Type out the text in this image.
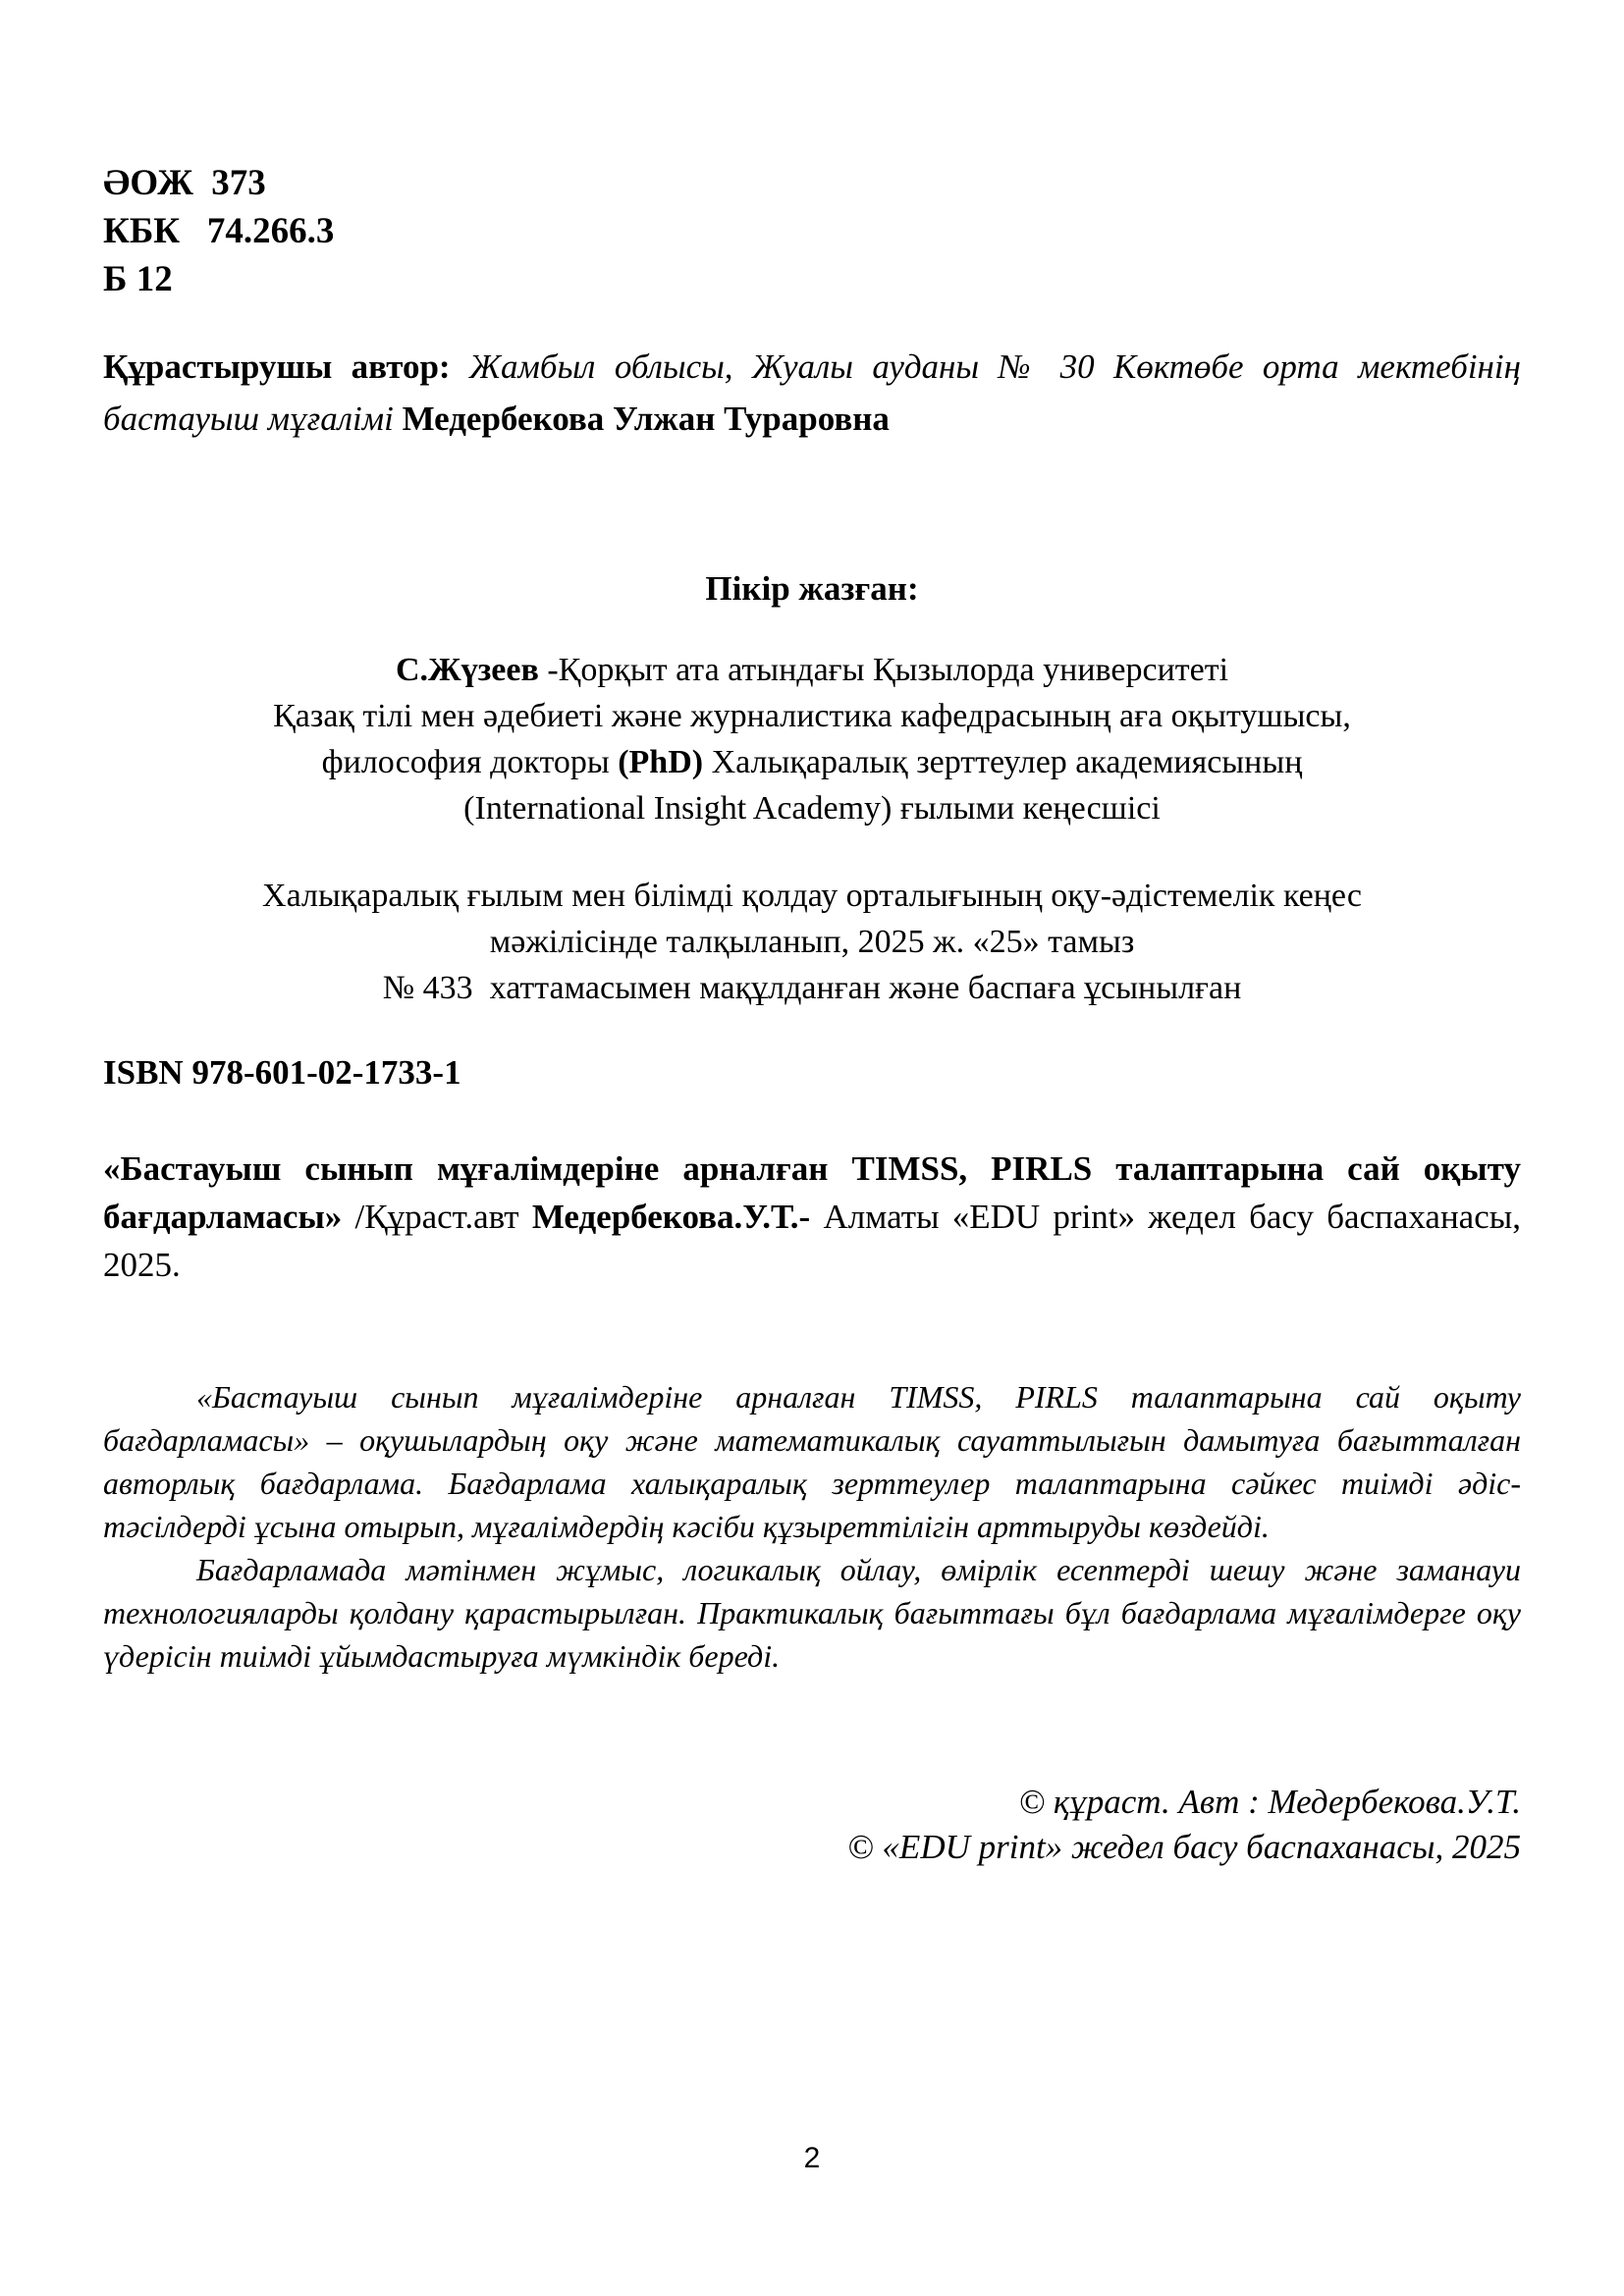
ӘОЖ  373
КБК   74.266.3
Б 12

Құрастырушы автор: Жамбыл облысы, Жуалы ауданы № 30 Көктөбе орта мектебінің бастауыш мұғалімі Медербекова Улжан Тураровна

Пікір жазған:
С.Жүзеев -Қорқыт ата атындағы Қызылорда университеті
Қазақ тілі мен әдебиеті және журналистика кафедрасының аға оқытушысы,
философия докторы (PhD) Халықаралық зерттеулер академиясының
(International Insight Academy) ғылыми кеңесшісі
Халықаралық ғылым мен білімді қолдау орталығының оқу-әдістемелік кеңес
мәжілісінде талқыланып, 2025 ж. «25» тамыз
№ 433  хаттамасымен мақұлданған және баспаға ұсынылған
ISBN 978-601-02-1733-1

«Бастауыш сынып мұғалімдеріне арналған TIMSS, PIRLS талаптарына сай оқыту бағдарламасы» /Құраст.авт Медербекова.У.Т.- Алматы «EDU print» жедел басу баспаханасы, 2025.

«Бастауыш сынып мұғалімдеріне арналған TIMSS, PIRLS талаптарына сай оқыту бағдарламасы» – оқушылардың оқу және математикалық сауаттылығын дамытуға бағытталған авторлық бағдарлама. Бағдарлама халықаралық зерттеулер талаптарына сәйкес тиімді әдіс-тәсілдерді ұсына отырып, мұғалімдердің кәсіби құзыреттілігін арттыруды көздейді.

Бағдарламада мәтінмен жұмыс, логикалық ойлау, өмірлік есептерді шешу және заманауи технологияларды қолдану қарастырылған. Практикалық бағыттағы бұл бағдарлама мұғалімдерге оқу үдерісін тиімді ұйымдастыруға мүмкіндік береді.

© құраст. Авт : Медербекова.У.Т.
© «EDU print» жедел басу баспаханасы, 2025
2
